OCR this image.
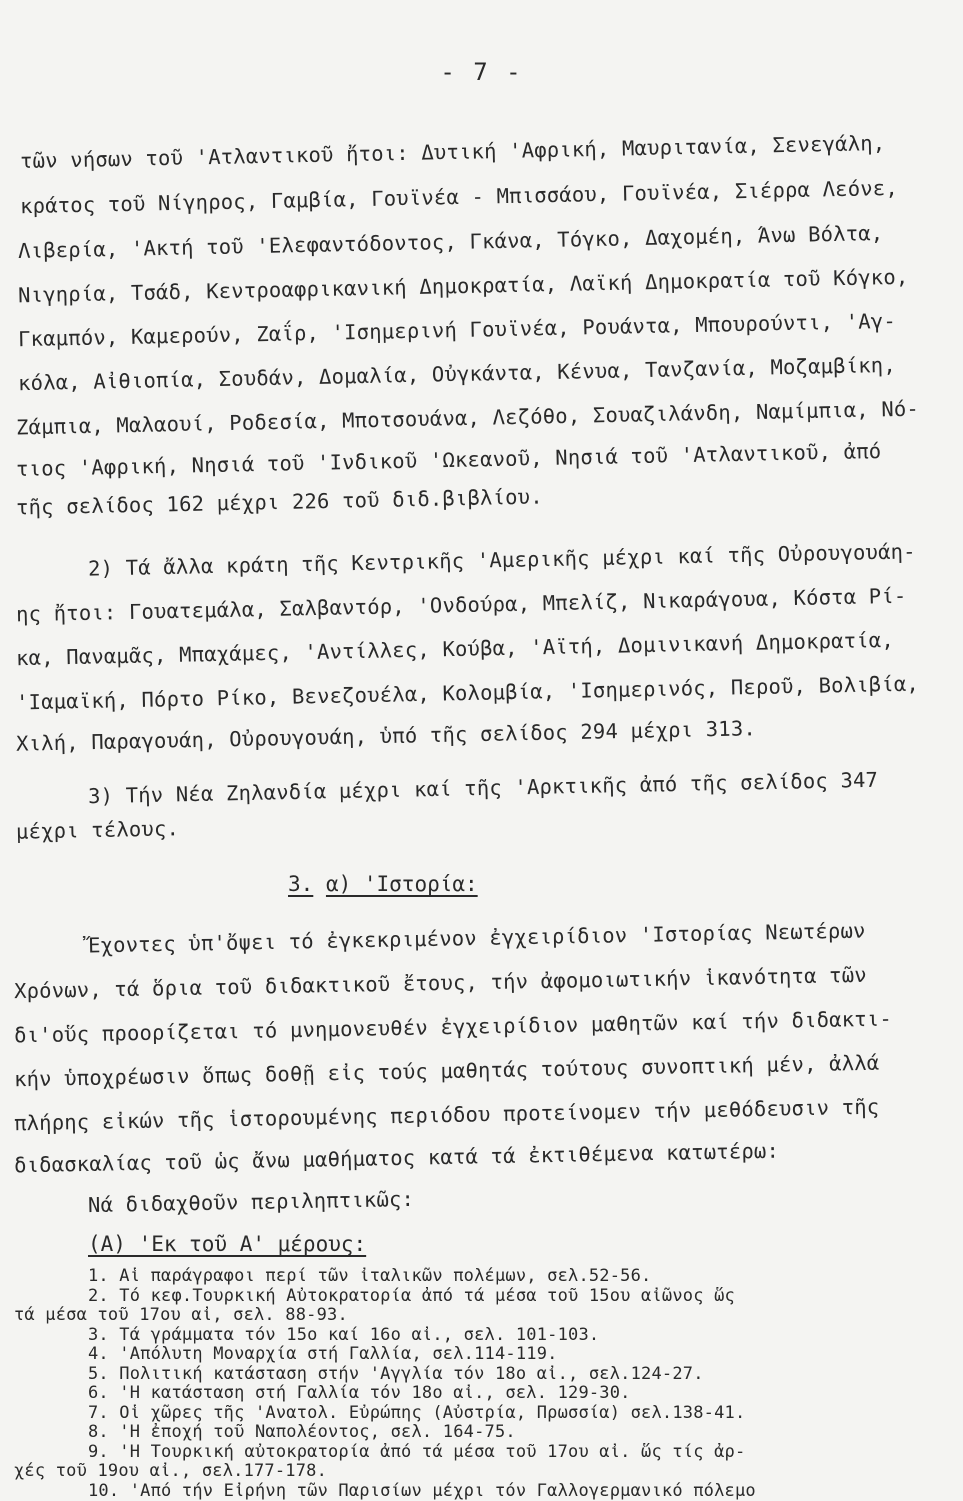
- 7 -
τῶν νήσων τοῦ 'Ατλαντικοῦ ἤτοι: Δυτική 'Αφρική, Μαυριτανία, Σενεγάλη,
κράτος τοῦ Νίγηρος, Γαμβία, Γουϊνέα - Μπισσάου, Γουϊνέα, Σιέρρα Λεόνε,
Λιβερία, 'Ακτή τοῦ 'Ελεφαντόδοντος, Γκάνα, Τόγκο, Δαχομέη, Άνω Βόλτα,
Νιγηρία, Τσάδ, Κεντροαφρικανική Δημοκρατία, Λαϊκή Δημοκρατία τοῦ Κόγκο,
Γκαμπόν, Καμερούν, Ζαΐρ, 'Ισημερινή Γουϊνέα, Ρουάντα, Μπουρούντι, 'Αγ-
κόλα, Αἰθιοπία, Σουδάν, Δομαλία, Οὐγκάντα, Κένυα, Τανζανία, Μοζαμβίκη,
Ζάμπια, Μαλαουί, Ροδεσία, Μποτσουάνα, Λεζόθο, Σουαζιλάνδη, Ναμίμπια, Νό-
τιος 'Αφρική, Νησιά τοῦ 'Ινδικοῦ 'Ωκεανοῦ, Νησιά τοῦ 'Ατλαντικοῦ, ἀπό
τῆς σελίδος 162 μέχρι 226 τοῦ διδ.βιβλίου.
2) Τά ἄλλα κράτη τῆς Κεντρικῆς 'Αμερικῆς μέχρι καί τῆς Οὐρουγουάη-
ης ἤτοι: Γουατεμάλα, Σαλβαντόρ, 'Ονδούρα, Μπελίζ, Νικαράγουα, Κόστα Ρί-
κα, Παναμᾶς, Μπαχάμες, 'Αντίλλες, Κούβα, 'Αϊτή, Δομινικανή Δημοκρατία,
'Ιαμαϊκή, Πόρτο Ρίκο, Βενεζουέλα, Κολομβία, 'Ισημερινός, Περοῦ, Βολιβία,
Χιλή, Παραγουάη, Οὐρουγουάη, ὑπό τῆς σελίδος 294 μέχρι 313.
3) Τήν Νέα Ζηλανδία μέχρι καί τῆς 'Αρκτικῆς ἀπό τῆς σελίδος 347
μέχρι τέλους.
3. α) 'Ιστορία:
Ἔχοντες ὑπ'ὄψει τό ἐγκεκριμένον ἐγχειρίδιον 'Ιστορίας Νεωτέρων
Χρόνων, τά ὅρια τοῦ διδακτικοῦ ἔτους, τήν ἀφομοιωτικήν ἱκανότητα τῶν
δι'οὕς προορίζεται τό μνημονευθέν ἐγχειρίδιον μαθητῶν καί τήν διδακτι-
κήν ὑποχρέωσιν ὅπως δοθῇ εἰς τούς μαθητάς τούτους συνοπτική μέν, ἀλλά
πλήρης εἰκών τῆς ἱστορουμένης περιόδου προτείνομεν τήν μεθόδευσιν τῆς
διδασκαλίας τοῦ ὡς ἄνω μαθήματος κατά τά ἐκτιθέμενα κατωτέρω:
Νά διδαχθοῦν περιληπτικῶς:
(Α) 'Εκ τοῦ Α' μέρους:
1. Αἱ παράγραφοι περί τῶν ἰταλικῶν πολέμων, σελ.52-56.
2. Τό κεφ.Τουρκική Αὐτοκρατορία ἀπό τά μέσα τοῦ 15ου αἰῶνος ὥς
τά μέσα τοῦ 17ου αἰ, σελ. 88-93.
3. Τά γράμματα τόν 15ο καί 16ο αἰ., σελ. 101-103.
4. 'Απόλυτη Μοναρχία στή Γαλλία, σελ.114-119.
5. Πολιτική κατάσταση στήν 'Αγγλία τόν 18ο αἰ., σελ.124-27.
6. 'Η κατάσταση στή Γαλλία τόν 18ο αἰ., σελ. 129-30.
7. Οἱ χῶρες τῆς 'Ανατολ. Εὐρώπης (Αὐστρία, Πρωσσία) σελ.138-41.
8. 'Η ἐποχή τοῦ Ναπολέοντος, σελ. 164-75.
9. 'Η Τουρκική αὐτοκρατορία ἀπό τά μέσα τοῦ 17ου αἰ. ὥς τίς ἀρ-
χές τοῦ 19ου αἰ., σελ.177-178.
10. 'Από τήν Εἰρήνη τῶν Παρισίων μέχρι τόν Γαλλογερμανικό πόλεμο
